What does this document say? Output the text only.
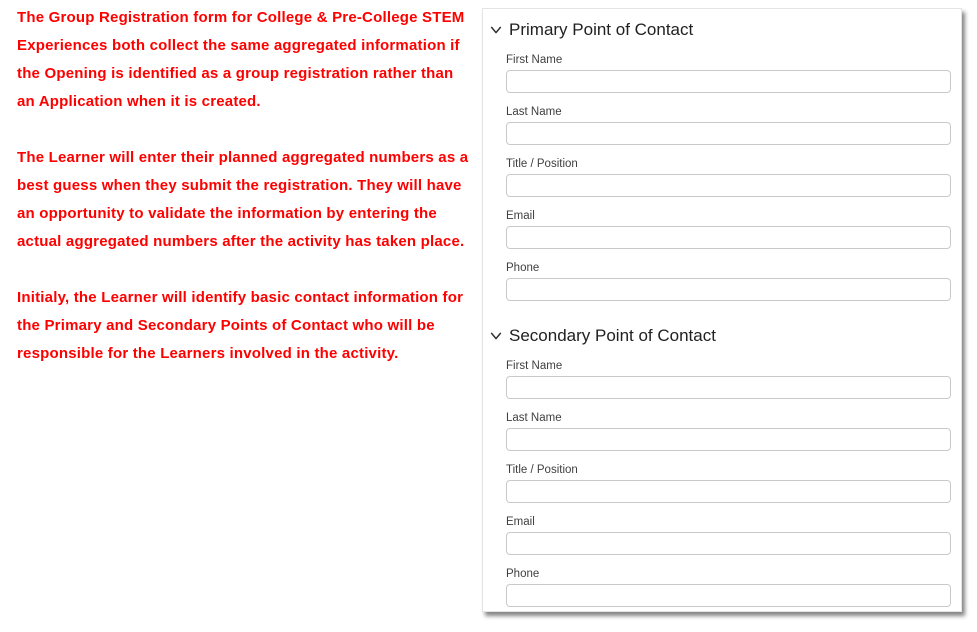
The Group Registration form for College & Pre-College STEM Experiences both collect the same aggregated information if the Opening is identified as a group registration rather than an Application when it is created.

The Learner will enter their planned aggregated numbers as a best guess when they submit the registration. They will have an opportunity to validate the information by entering the actual aggregated numbers after the activity has taken place.

Initialy, the Learner will identify basic contact information for the Primary and Secondary Points of Contact who will be responsible for the Learners involved in the activity.

Primary Point of Contact
First Name
Last Name
Title / Position
Email
Phone
Secondary Point of Contact
First Name
Last Name
Title / Position
Email
Phone
